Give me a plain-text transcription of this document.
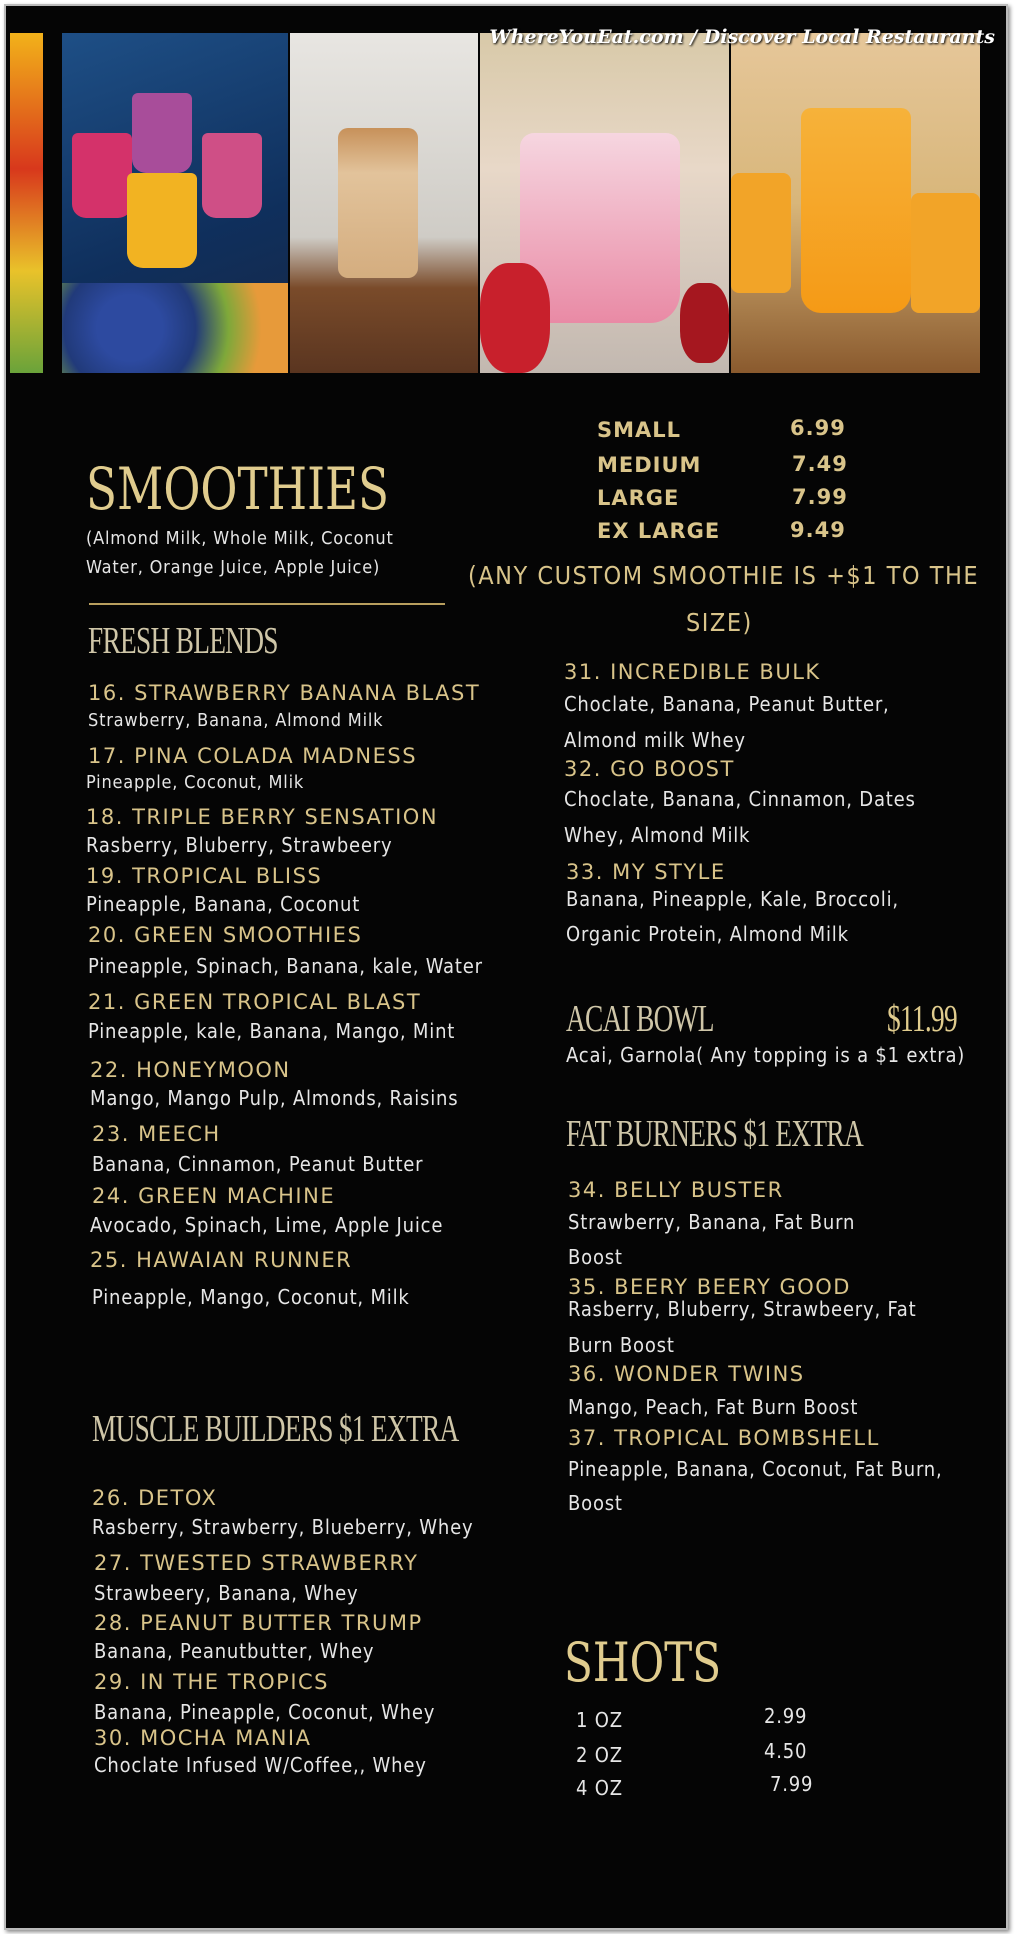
WhereYouEat.com / Discover Local Restaurants
SMOOTHIES
(Almond Milk, Whole Milk, Coconut
Water, Orange Juice, Apple Juice)
FRESH BLENDS
16. STRAWBERRY BANANA BLAST
Strawberry, Banana, Almond Milk
17. PINA COLADA MADNESS
Pineapple, Coconut, Mlik
18. TRIPLE BERRY SENSATION
Rasberry, Bluberry, Strawbeery
19. TROPICAL BLISS
Pineapple, Banana, Coconut
20. GREEN SMOOTHIES
Pineapple, Spinach, Banana, kale, Water
21. GREEN TROPICAL BLAST
Pineapple, kale, Banana, Mango, Mint
22. HONEYMOON
Mango, Mango Pulp, Almonds, Raisins
23. MEECH
Banana, Cinnamon, Peanut Butter
24. GREEN MACHINE
Avocado, Spinach, Lime, Apple Juice
25. HAWAIAN RUNNER
Pineapple, Mango, Coconut, Milk
MUSCLE BUILDERS $1 EXTRA
26. DETOX
Rasberry, Strawberry, Blueberry, Whey
27. TWESTED STRAWBERRY
Strawbeery, Banana, Whey
28. PEANUT BUTTER TRUMP
Banana, Peanutbutter, Whey
29. IN THE TROPICS
Banana, Pineapple, Coconut, Whey
30. MOCHA MANIA
Choclate Infused W/Coffee,, Whey
SMALL	6.99
MEDIUM	7.49
LARGE	7.99
EX LARGE	9.49
(ANY CUSTOM SMOOTHIE IS +$1 TO THE
SIZE)
31. INCREDIBLE BULK
Choclate, Banana, Peanut Butter,
Almond milk Whey
32. GO BOOST
Choclate, Banana, Cinnamon, Dates
Whey, Almond Milk
33. MY STYLE
Banana, Pineapple, Kale, Broccoli,
Organic Protein, Almond Milk
ACAI BOWL	$11.99
Acai, Garnola( Any topping is a $1 extra)
FAT BURNERS $1 EXTRA
34. BELLY BUSTER
Strawberry, Banana, Fat Burn
Boost
35. BEERY BEERY GOOD
Rasberry, Bluberry, Strawbeery, Fat
Burn Boost
36. WONDER TWINS
Mango, Peach, Fat Burn Boost
37. TROPICAL BOMBSHELL
Pineapple, Banana, Coconut, Fat Burn,
Boost
SHOTS
1 OZ	2.99
2 OZ	4.50
4 OZ	7.99
